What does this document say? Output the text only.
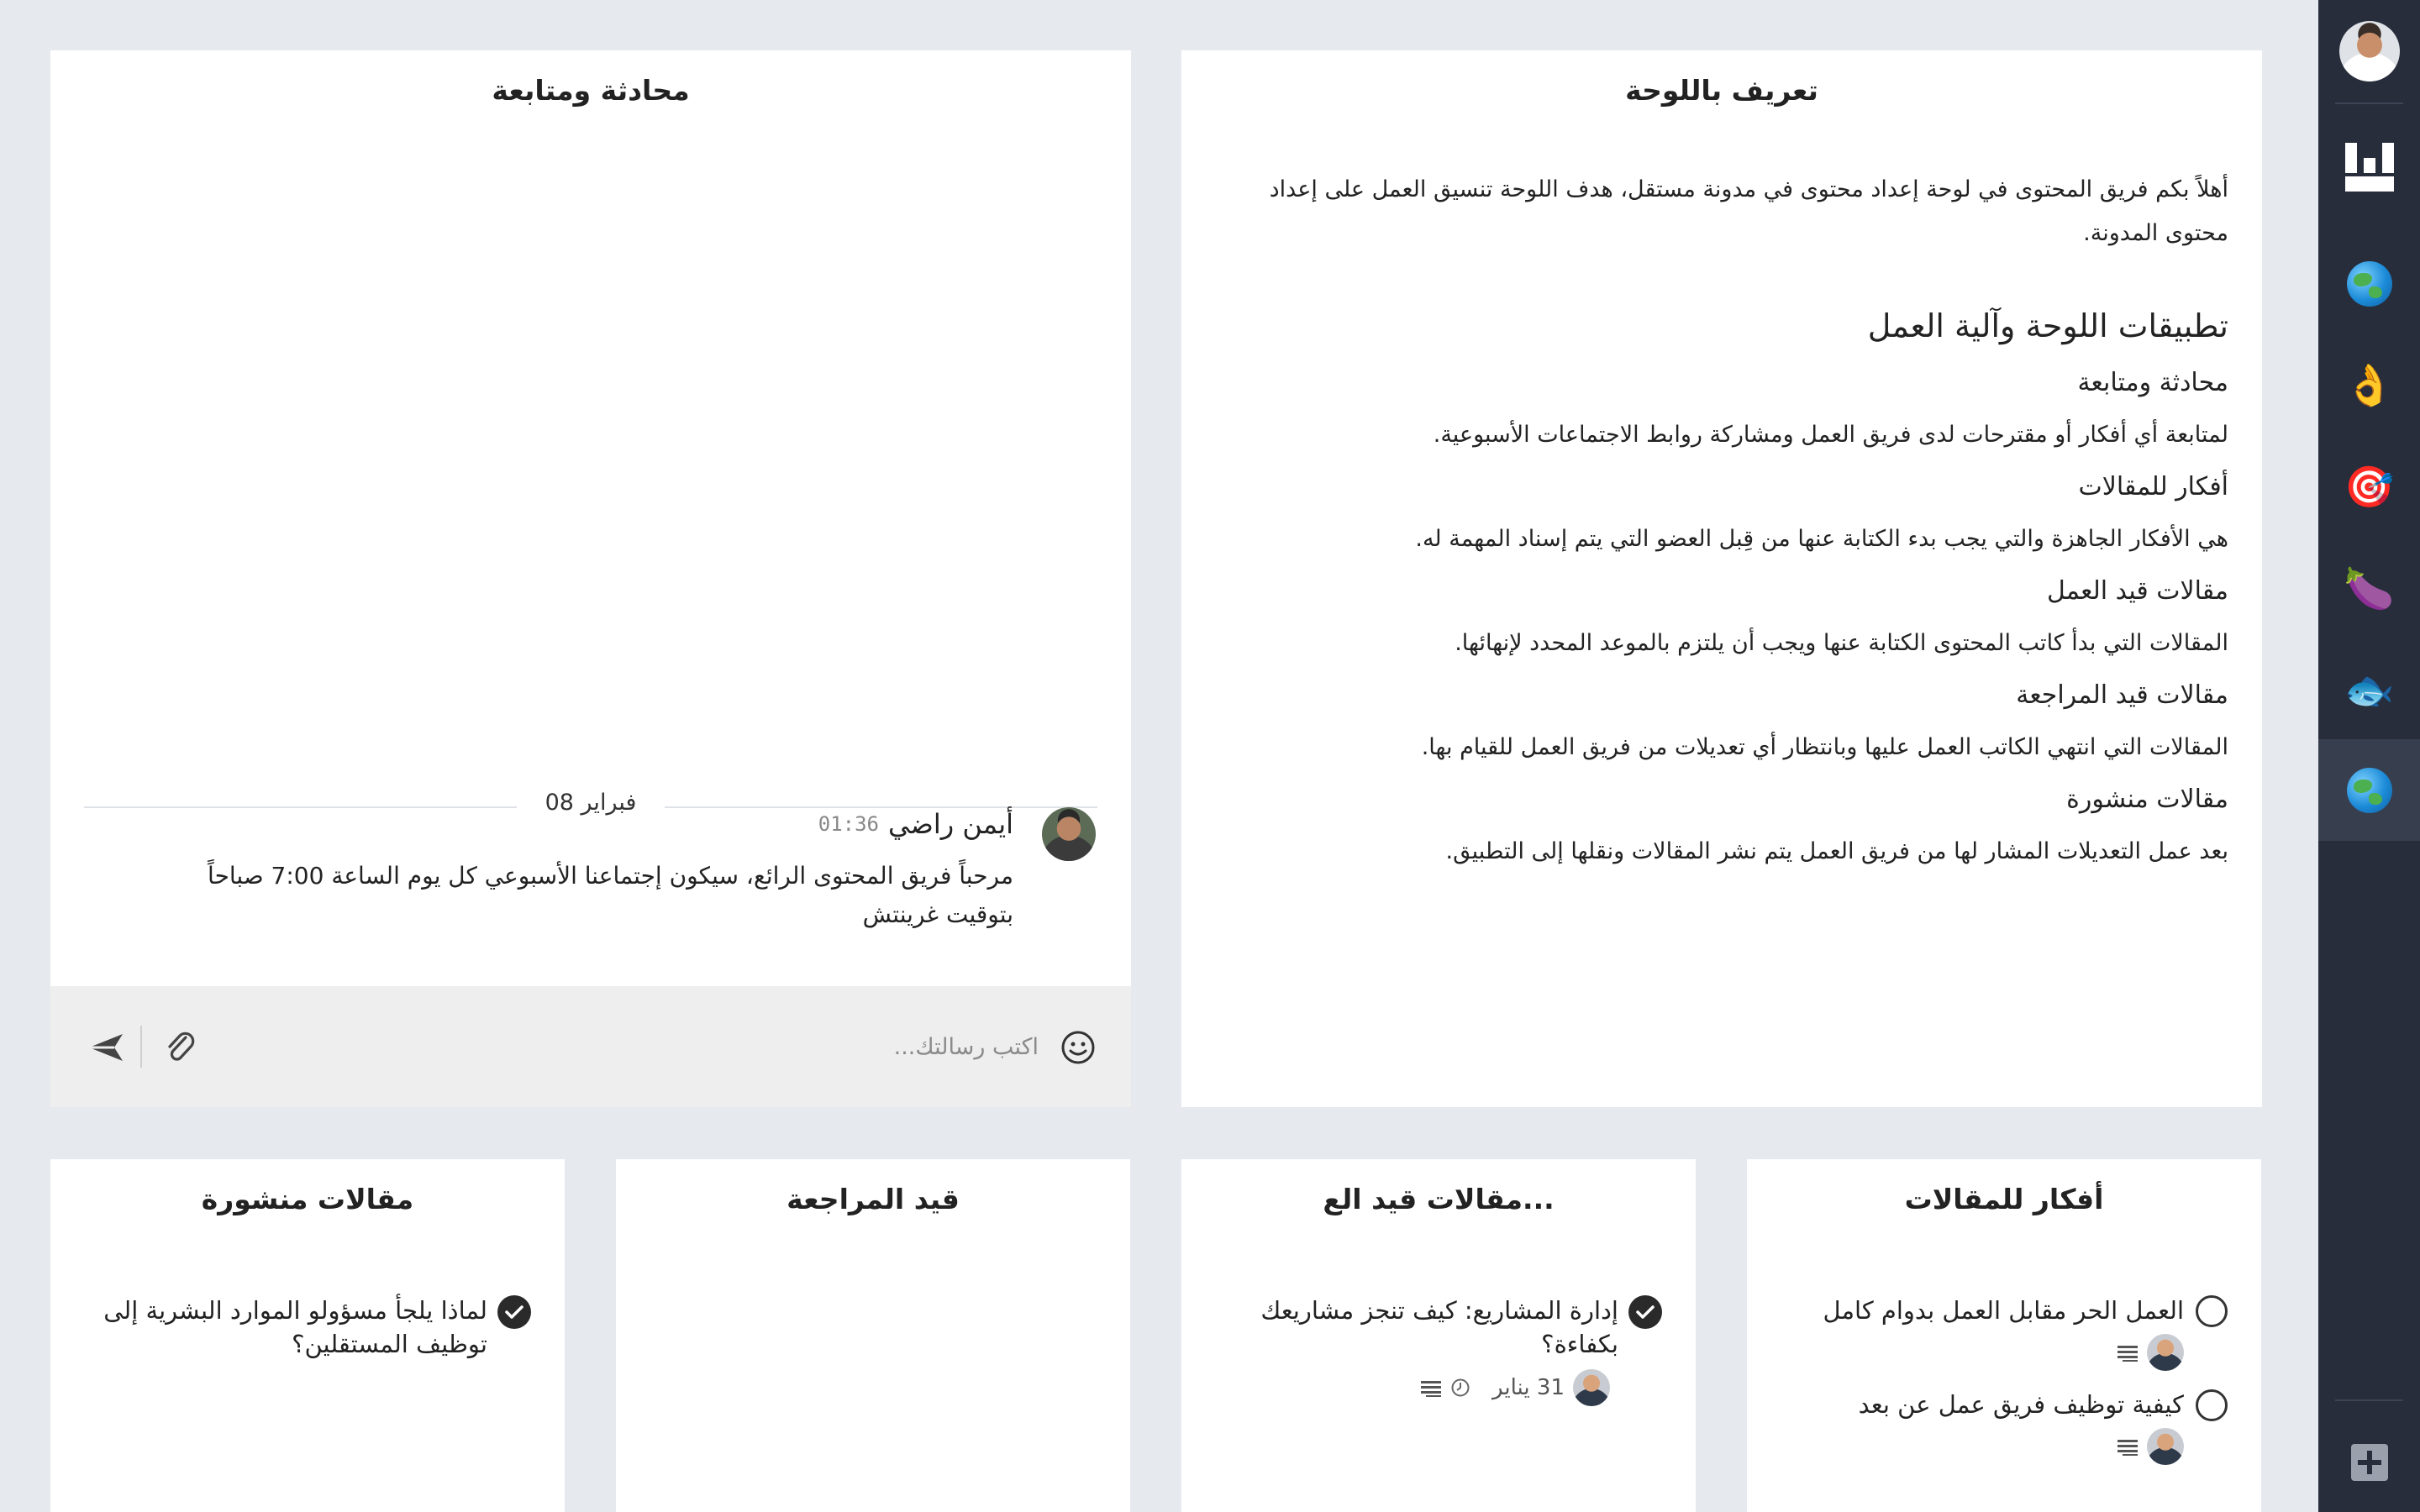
تعريف باللوحة

أهلاً بكم فريق المحتوى في لوحة إعداد محتوى في مدونة مستقل، هدف اللوحة تنسيق العمل على إعداد محتوى المدونة.

تطبيقات اللوحة وآلية العمل
محادثة ومتابعة

لمتابعة أي أفكار أو مقترحات لدى فريق العمل ومشاركة روابط الاجتماعات الأسبوعية.

أفكار للمقالات

هي الأفكار الجاهزة والتي يجب بدء الكتابة عنها من قِبل العضو التي يتم إسناد المهمة له.

مقالات قيد العمل

المقالات التي بدأ كاتب المحتوى الكتابة عنها ويجب أن يلتزم بالموعد المحدد لإنهائها.

مقالات قيد المراجعة

المقالات التي انتهي الكاتب العمل عليها وبانتظار أي تعديلات من فريق العمل للقيام بها.

مقالات منشورة

بعد عمل التعديلات المشار لها من فريق العمل يتم نشر المقالات ونقلها إلى التطبيق.

محادثة ومتابعة
08 فبراير
أيمن راضي
01:36
مرحباً فريق المحتوى الرائع، سيكون إجتماعنا الأسبوعي كل يوم الساعة 7:00 صباحاً بتوقيت غرينتش
اكتب رسالتك...
أفكار للمقالات
العمل الحر مقابل العمل بدوام كامل
كيفية توظيف فريق عمل عن بعد
مقالات قيد الع...
إدارة المشاريع: كيف تنجز مشاريعك بكفاءة؟
31 يناير
قيد المراجعة
مقالات منشورة
لماذا يلجأ مسؤولو الموارد البشرية إلى توظيف المستقلين؟
👌
🎯
🍆
🐟
